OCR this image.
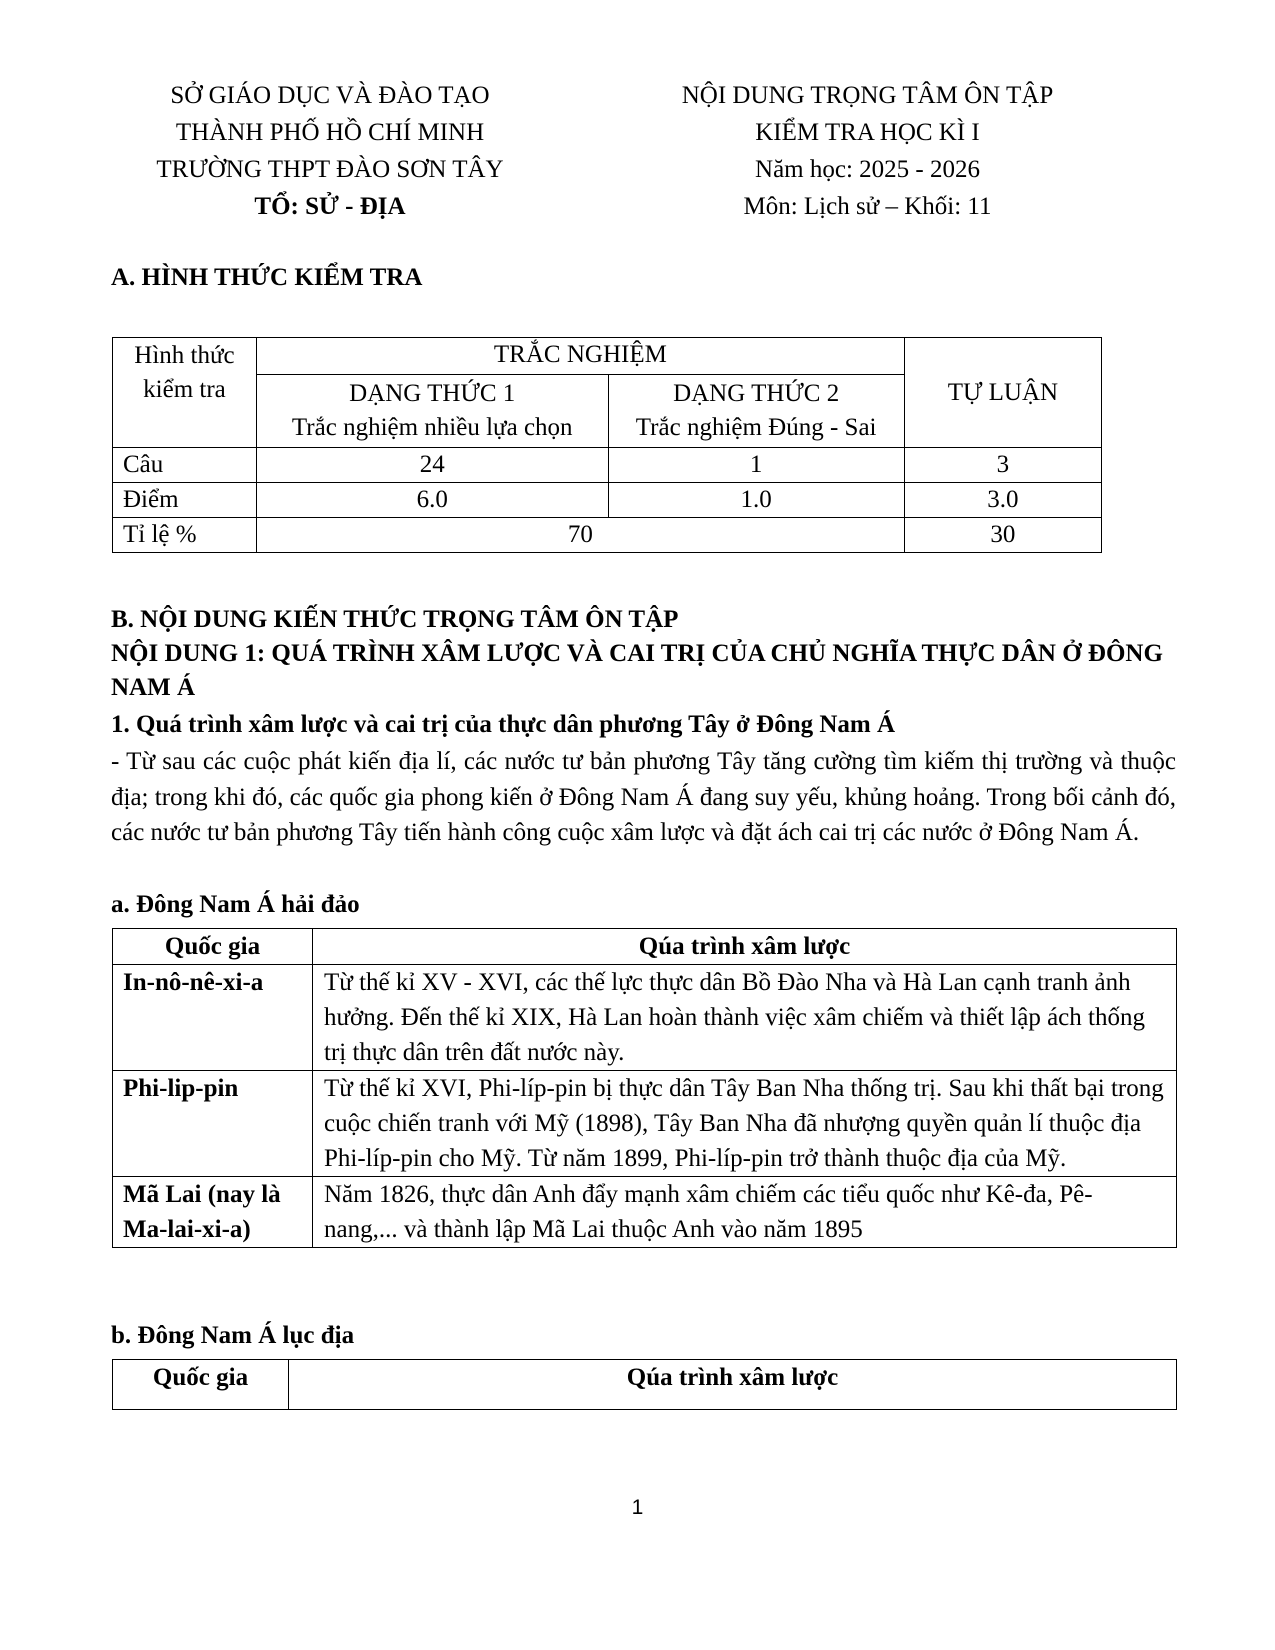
SỞ GIÁO DỤC VÀ ĐÀO TẠO
THÀNH PHỐ HỒ CHÍ MINH
TRƯỜNG THPT ĐÀO SƠN TÂY
TỔ: SỬ - ĐỊA
NỘI DUNG TRỌNG TÂM ÔN TẬP
KIỂM TRA HỌC KÌ I
Năm học: 2025 - 2026
Môn: Lịch sử – Khối: 11
A. HÌNH THỨC KIỂM TRA
Hình thức kiểm tra	TRẮC NGHIỆM		TỰ LUẬN
	DẠNG THỨC 1	DẠNG THỨC 2	
	Trắc nghiệm nhiều lựa chọn	Trắc nghiệm Đúng - Sai	
Câu	24	1	3
Điểm	6.0	1.0	3.0
Tỉ lệ %	70		30
B. NỘI DUNG KIẾN THỨC TRỌNG TÂM ÔN TẬP
NỘI DUNG 1: QUÁ TRÌNH XÂM LƯỢC VÀ CAI TRỊ CỦA CHỦ NGHĨA THỰC DÂN Ở ĐÔNG NAM Á
1. Quá trình xâm lược và cai trị của thực dân phương Tây ở Đông Nam Á
- Từ sau các cuộc phát kiến địa lí, các nước tư bản phương Tây tăng cường tìm kiếm thị trường và thuộc địa; trong khi đó, các quốc gia phong kiến ở Đông Nam Á đang suy yếu, khủng hoảng. Trong bối cảnh đó, các nước tư bản phương Tây tiến hành công cuộc xâm lược và đặt ách cai trị các nước ở Đông Nam Á.
a. Đông Nam Á hải đảo
Quốc gia	Qúa trình xâm lược
In-nô-nê-xi-a	Từ thế kỉ XV - XVI, các thế lực thực dân Bồ Đào Nha và Hà Lan cạnh tranh ảnh hưởng. Đến thế kỉ XIX, Hà Lan hoàn thành việc xâm chiếm và thiết lập ách thống trị thực dân trên đất nước này.
Phi-lip-pin	Từ thế kỉ XVI, Phi-líp-pin bị thực dân Tây Ban Nha thống trị. Sau khi thất bại trong cuộc chiến tranh với Mỹ (1898), Tây Ban Nha đã nhượng quyền quản lí thuộc địa Phi-líp-pin cho Mỹ. Từ năm 1899, Phi-líp-pin trở thành thuộc địa của Mỹ.
Mã Lai (nay là Ma-lai-xi-a)	Năm 1826, thực dân Anh đẩy mạnh xâm chiếm các tiểu quốc như Kê-đa, Pê-nang,... và thành lập Mã Lai thuộc Anh vào năm 1895
b. Đông Nam Á lục địa
Quốc gia	Qúa trình xâm lược
1
